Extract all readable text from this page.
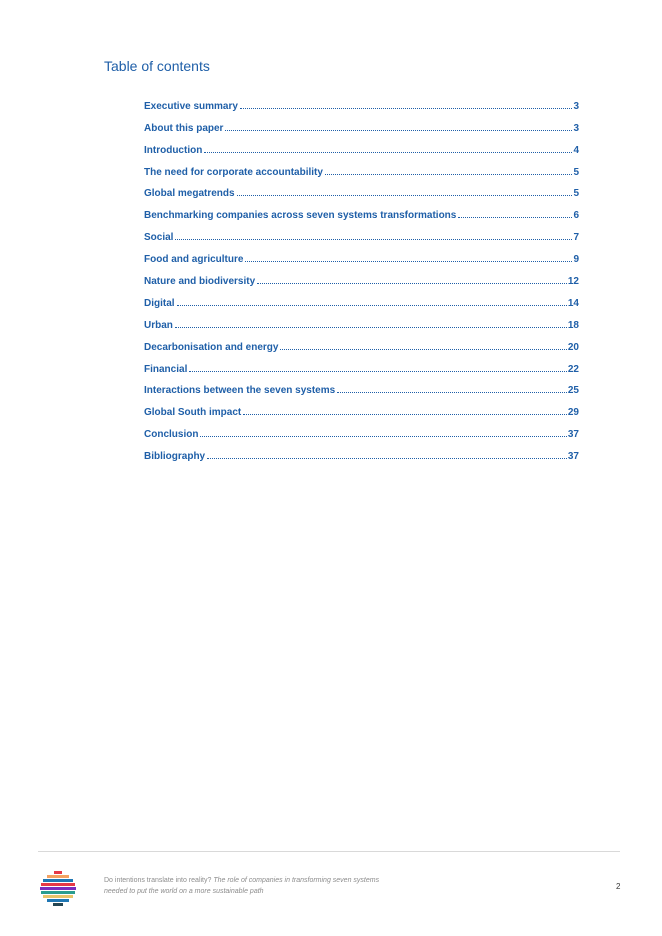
Table of contents
Executive summary	3
About this paper	3
Introduction	4
The need for corporate accountability	5
Global megatrends	5
Benchmarking companies across seven systems transformations	6
Social	7
Food and agriculture	9
Nature and biodiversity	12
Digital	14
Urban	18
Decarbonisation and energy	20
Financial	22
Interactions between the seven systems	25
Global South impact	29
Conclusion	37
Bibliography	37
Do intentions translate into reality? The role of companies in transforming seven systems needed to put the world on a more sustainable path
2
